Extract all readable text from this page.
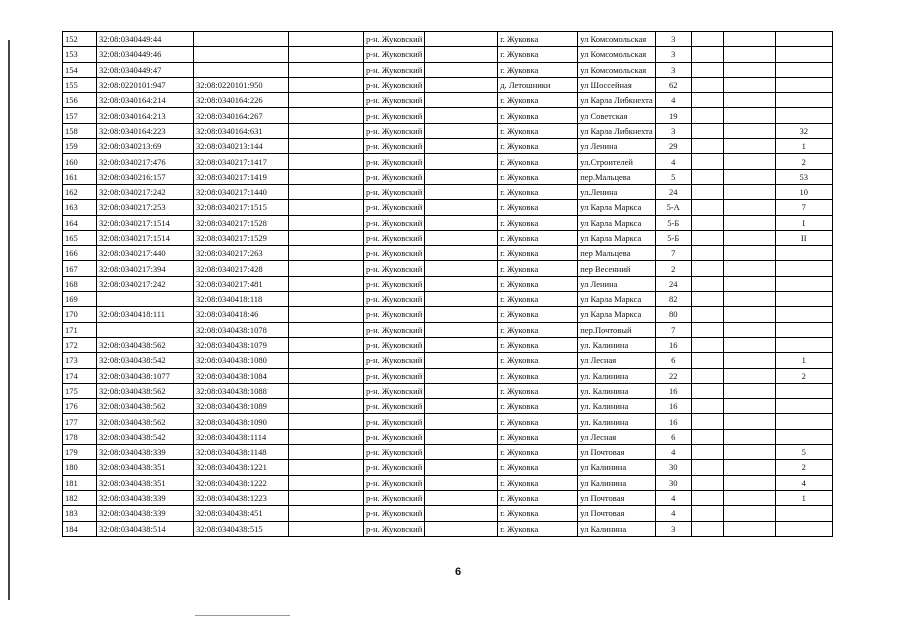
152	32:08:0340449:44			р-н. Жуковский		г. Жуковка	ул Комсомольская	3			
153	32:08:0340449:46			р-н. Жуковский		г. Жуковка	ул Комсомольская	3			
154	32:08:0340449:47			р-н. Жуковский		г. Жуковка	ул Комсомольская	3			
155	32:08:0220101:947	32:08:0220101:950		р-н. Жуковский		д. Летошники	ул Шоссейная	62			
156	32:08:0340164:214	32:08:0340164:226		р-н. Жуковский		г. Жуковка	ул Карла Либкнехта	4			
157	32:08:0340164:213	32:08:0340164:267		р-н. Жуковский		г. Жуковка	ул Советская	19			
158	32:08:0340164:223	32:08:0340164:631		р-н. Жуковский		г. Жуковка	ул Карла Либкнехта	3			32
159	32:08:0340213:69	32:08:0340213:144		р-н. Жуковский		г. Жуковка	ул Ленина	29			1
160	32:08:0340217:476	32:08:0340217:1417		р-н. Жуковский		г. Жуковка	ул.Строителей	4			2
161	32:08:0340216:157	32:08:0340217:1419		р-н. Жуковский		г. Жуковка	пер.Мальцева	5			53
162	32:08:0340217:242	32:08:0340217:1440		р-н. Жуковский		г. Жуковка	ул.Ленина	24			10
163	32:08:0340217:253	32:08:0340217:1515		р-н. Жуковский		г. Жуковка	ул Карла Маркса	5-А			7
164	32:08:0340217:1514	32:08:0340217:1528		р-н. Жуковский		г. Жуковка	ул Карла Маркса	5-Б			I
165	32:08:0340217:1514	32:08:0340217:1529		р-н. Жуковский		г. Жуковка	ул Карла Маркса	5-Б			II
166	32:08:0340217:440	32:08:0340217:263		р-н. Жуковский		г. Жуковка	пер Мальцева	7			
167	32:08:0340217:394	32:08:0340217:428		р-н. Жуковский		г. Жуковка	пер Весенний	2			
168	32:08:0340217:242	32:08:0340217:481		р-н. Жуковский		г. Жуковка	ул Ленина	24			
169		32:08:0340418:118		р-н. Жуковский		г. Жуковка	ул Карла Маркса	82			
170	32:08:0340418:111	32:08:0340418:46		р-н. Жуковский		г. Жуковка	ул Карла Маркса	80			
171		32:08:0340438:1078		р-н. Жуковский		г. Жуковка	пер.Почтовый	7			
172	32:08:0340438:562	32:08:0340438:1079		р-н. Жуковский		г. Жуковка	ул. Калинина	16			
173	32:08:0340438:542	32:08:0340438:1080		р-н. Жуковский		г. Жуковка	ул Лесная	6			1
174	32:08:0340438:1077	32:08:0340438:1084		р-н. Жуковский		г. Жуковка	ул. Калинина	22			2
175	32:08:0340438:562	32:08:0340438:1088		р-н. Жуковский		г. Жуковка	ул. Калинина	16			
176	32:08:0340438:562	32:08:0340438:1089		р-н. Жуковский		г. Жуковка	ул. Калинина	16			
177	32:08:0340438:562	32:08:0340438:1090		р-н. Жуковский		г. Жуковка	ул. Калинина	16			
178	32:08:0340438:542	32:08:0340438:1114		р-н. Жуковский		г. Жуковка	ул Лесная	6			
179	32:08:0340438:339	32:08:0340438:1148		р-н. Жуковский		г. Жуковка	ул Почтовая	4			5
180	32:08:0340438:351	32:08:0340438:1221		р-н. Жуковский		г. Жуковка	ул Калинина	30			2
181	32:08:0340438:351	32:08:0340438:1222		р-н. Жуковский		г. Жуковка	ул Калинина	30			4
182	32:08:0340438:339	32:08:0340438:1223		р-н. Жуковский		г. Жуковка	ул Почтовая	4			1
183	32:08:0340438:339	32:08:0340438:451		р-н. Жуковский		г. Жуковка	ул Почтовая	4			
184	32:08:0340438:514	32:08:0340438:515		р-н. Жуковский		г. Жуковка	ул Калинина	3			
6
